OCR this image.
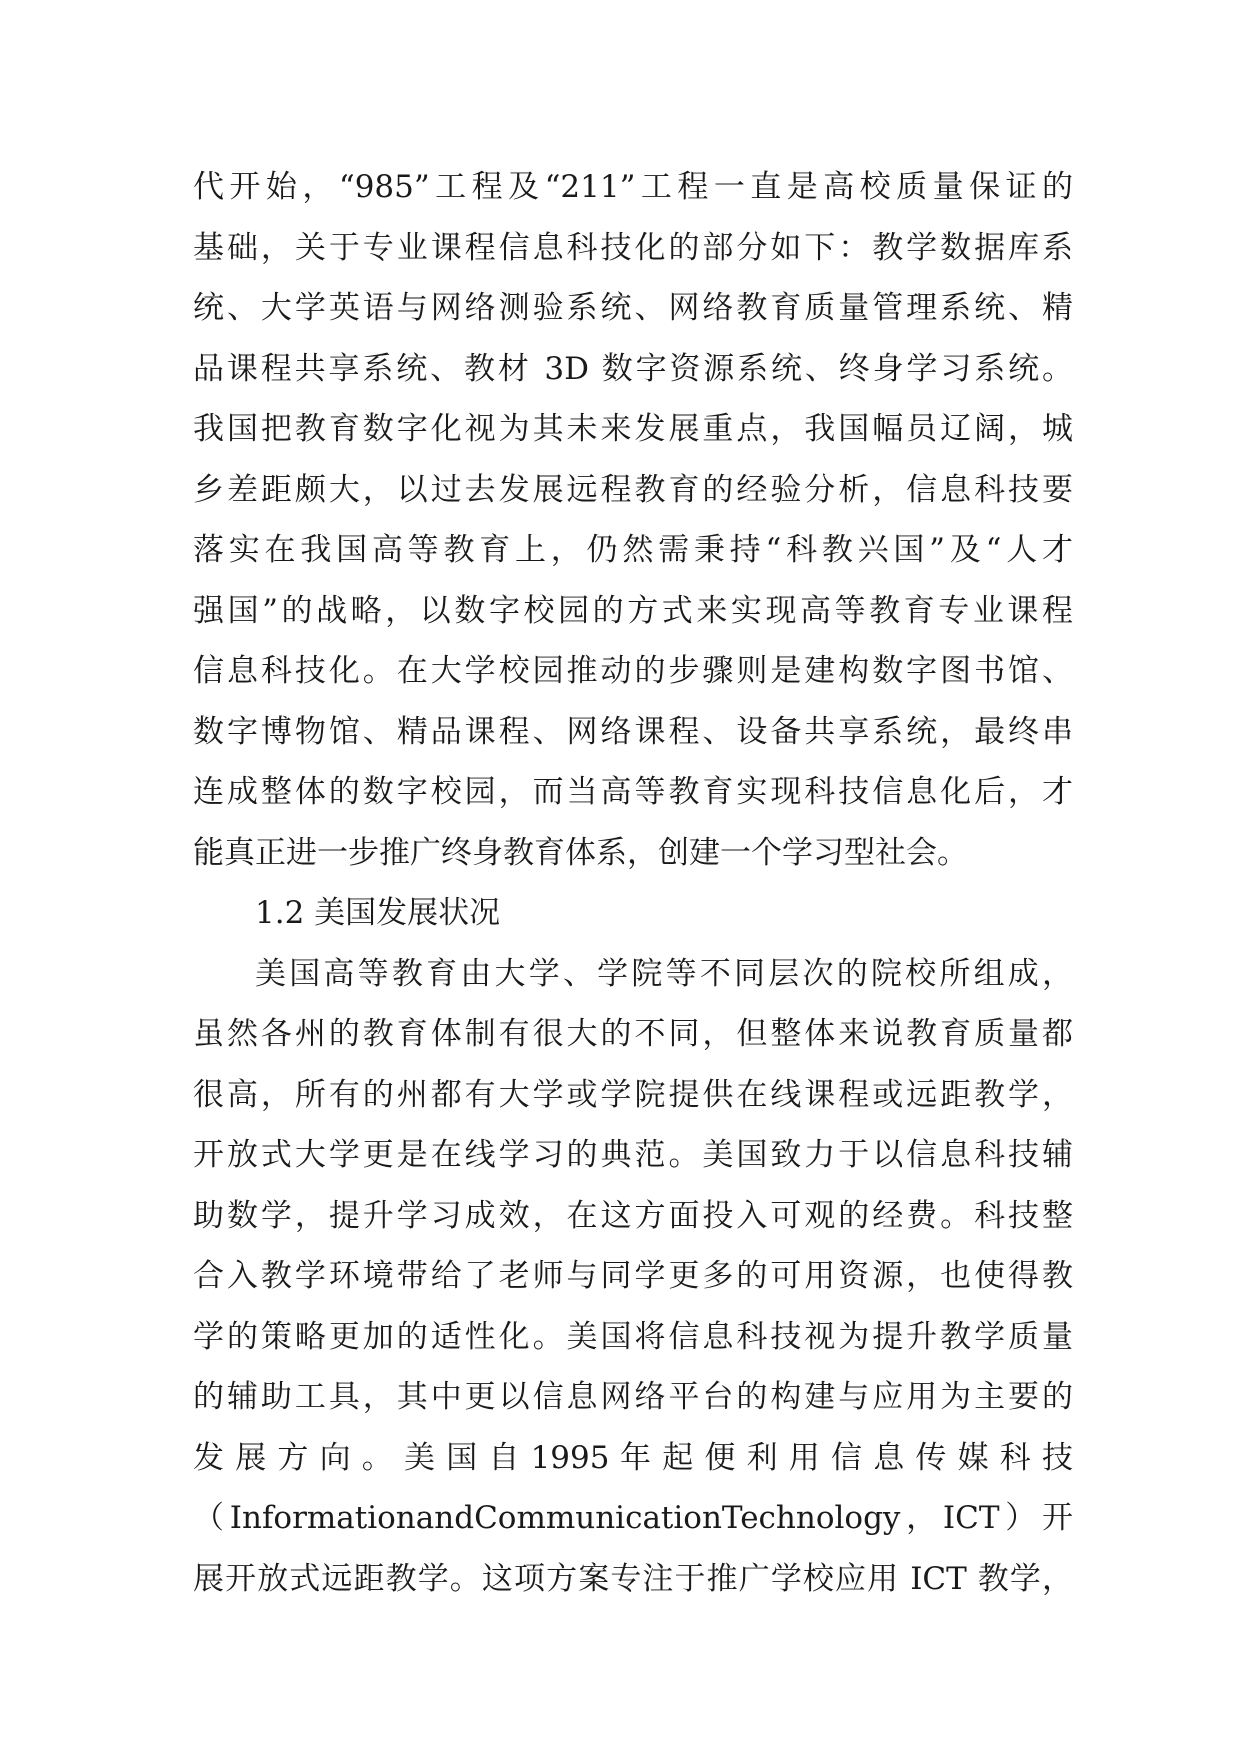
代开始，“985”工程及“211”工程一直是高校质量保证的
基础，关于专业课程信息科技化的部分如下：教学数据库系
统、大学英语与网络测验系统、网络教育质量管理系统、精
品课程共享系统、教材 3D 数字资源系统、终身学习系统。
我国把教育数字化视为其未来发展重点，我国幅员辽阔，城
乡差距颇大，以过去发展远程教育的经验分析，信息科技要
落实在我国高等教育上，仍然需秉持“科教兴国”及“人才
强国”的战略，以数字校园的方式来实现高等教育专业课程
信息科技化。在大学校园推动的步骤则是建构数字图书馆、
数字博物馆、精品课程、网络课程、设备共享系统，最终串
连成整体的数字校园，而当高等教育实现科技信息化后，才
能真正进一步推广终身教育体系，创建一个学习型社会。
1.2 美国发展状况
美国高等教育由大学、学院等不同层次的院校所组成，
虽然各州的教育体制有很大的不同，但整体来说教育质量都
很高，所有的州都有大学或学院提供在线课程或远距教学，
开放式大学更是在线学习的典范。美国致力于以信息科技辅
助数学，提升学习成效，在这方面投入可观的经费。科技整
合入教学环境带给了老师与同学更多的可用资源，也使得教
学的策略更加的适性化。美国将信息科技视为提升教学质量
的辅助工具，其中更以信息网络平台的构建与应用为主要的
发 展 方 向 。 美 国 自 1995 年 起 便 利 用 信 息 传 媒 科 技
（InformationandCommunicationTechnology，ICT）开
展开放式远距教学。这项方案专注于推广学校应用 ICT 教学，
